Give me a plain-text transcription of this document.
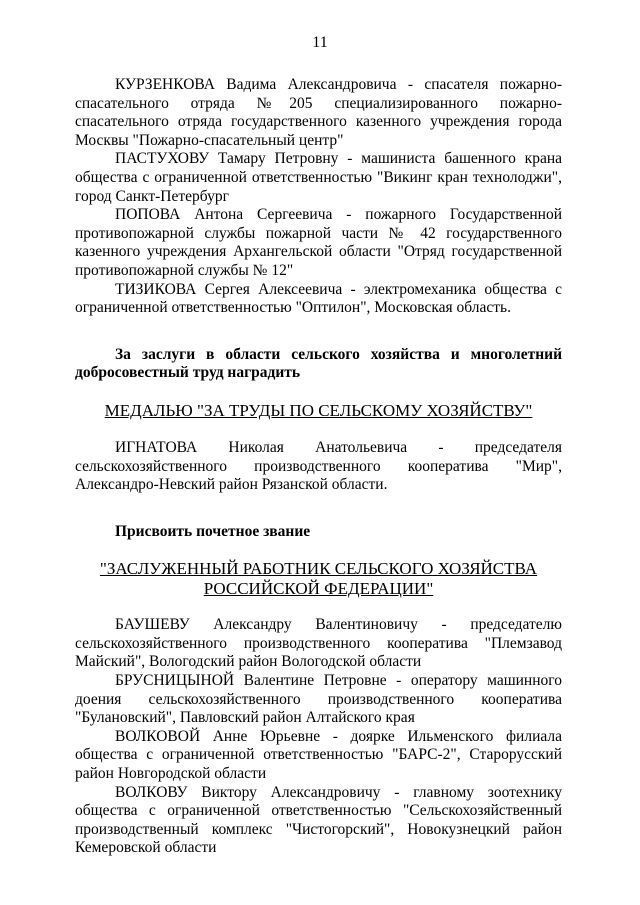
11

КУРЗЕНКОВА Вадима Александровича - спасателя пожарно-спасательного отряда №205 специализированного пожарно-спасательного отряда государственного казенного учреждения города Москвы "Пожарно-спасательный центр"

ПАСТУХОВУ Тамару Петровну - машиниста башенного крана общества с ограниченной ответственностью "Викинг кран технолоджи", город Санкт-Петербург

ПОПОВА Антона Сергеевича - пожарного Государственной противопожарной службы пожарной части № 42 государственного казенного учреждения Архангельской области "Отряд государственной противопожарной службы № 12"

ТИЗИКОВА Сергея Алексеевича - электромеханика общества с ограниченной ответственностью "Оптилон", Московская область.

За заслуги в области сельского хозяйства и многолетний добросовестный труд наградить

МЕДАЛЬЮ "ЗА ТРУДЫ ПО СЕЛЬСКОМУ ХОЗЯЙСТВУ"

ИГНАТОВА Николая Анатольевича - председателя сельскохозяйственного производственного кооператива "Мир", Александро-Невский район Рязанской области.

Присвоить почетное звание

"ЗАСЛУЖЕННЫЙ РАБОТНИК СЕЛЬСКОГО ХОЗЯЙСТВА
РОССИЙСКОЙ ФЕДЕРАЦИИ"

БАУШЕВУ Александру Валентиновичу - председателю сельскохозяйственного производственного кооператива "Племзавод Майский", Вологодский район Вологодской области

БРУСНИЦЫНОЙ Валентине Петровне - оператору машинного доения сельскохозяйственного производственного кооператива "Булановский", Павловский район Алтайского края

ВОЛКОВОЙ Анне Юрьевне - доярке Ильменского филиала общества с ограниченной ответственностью "БАРС-2", Старорусский район Новгородской области

ВОЛКОВУ Виктору Александровичу - главному зоотехнику общества с ограниченной ответственностью "Сельскохозяйственный производственный комплекс "Чистогорский", Новокузнецкий район Кемеровской области
